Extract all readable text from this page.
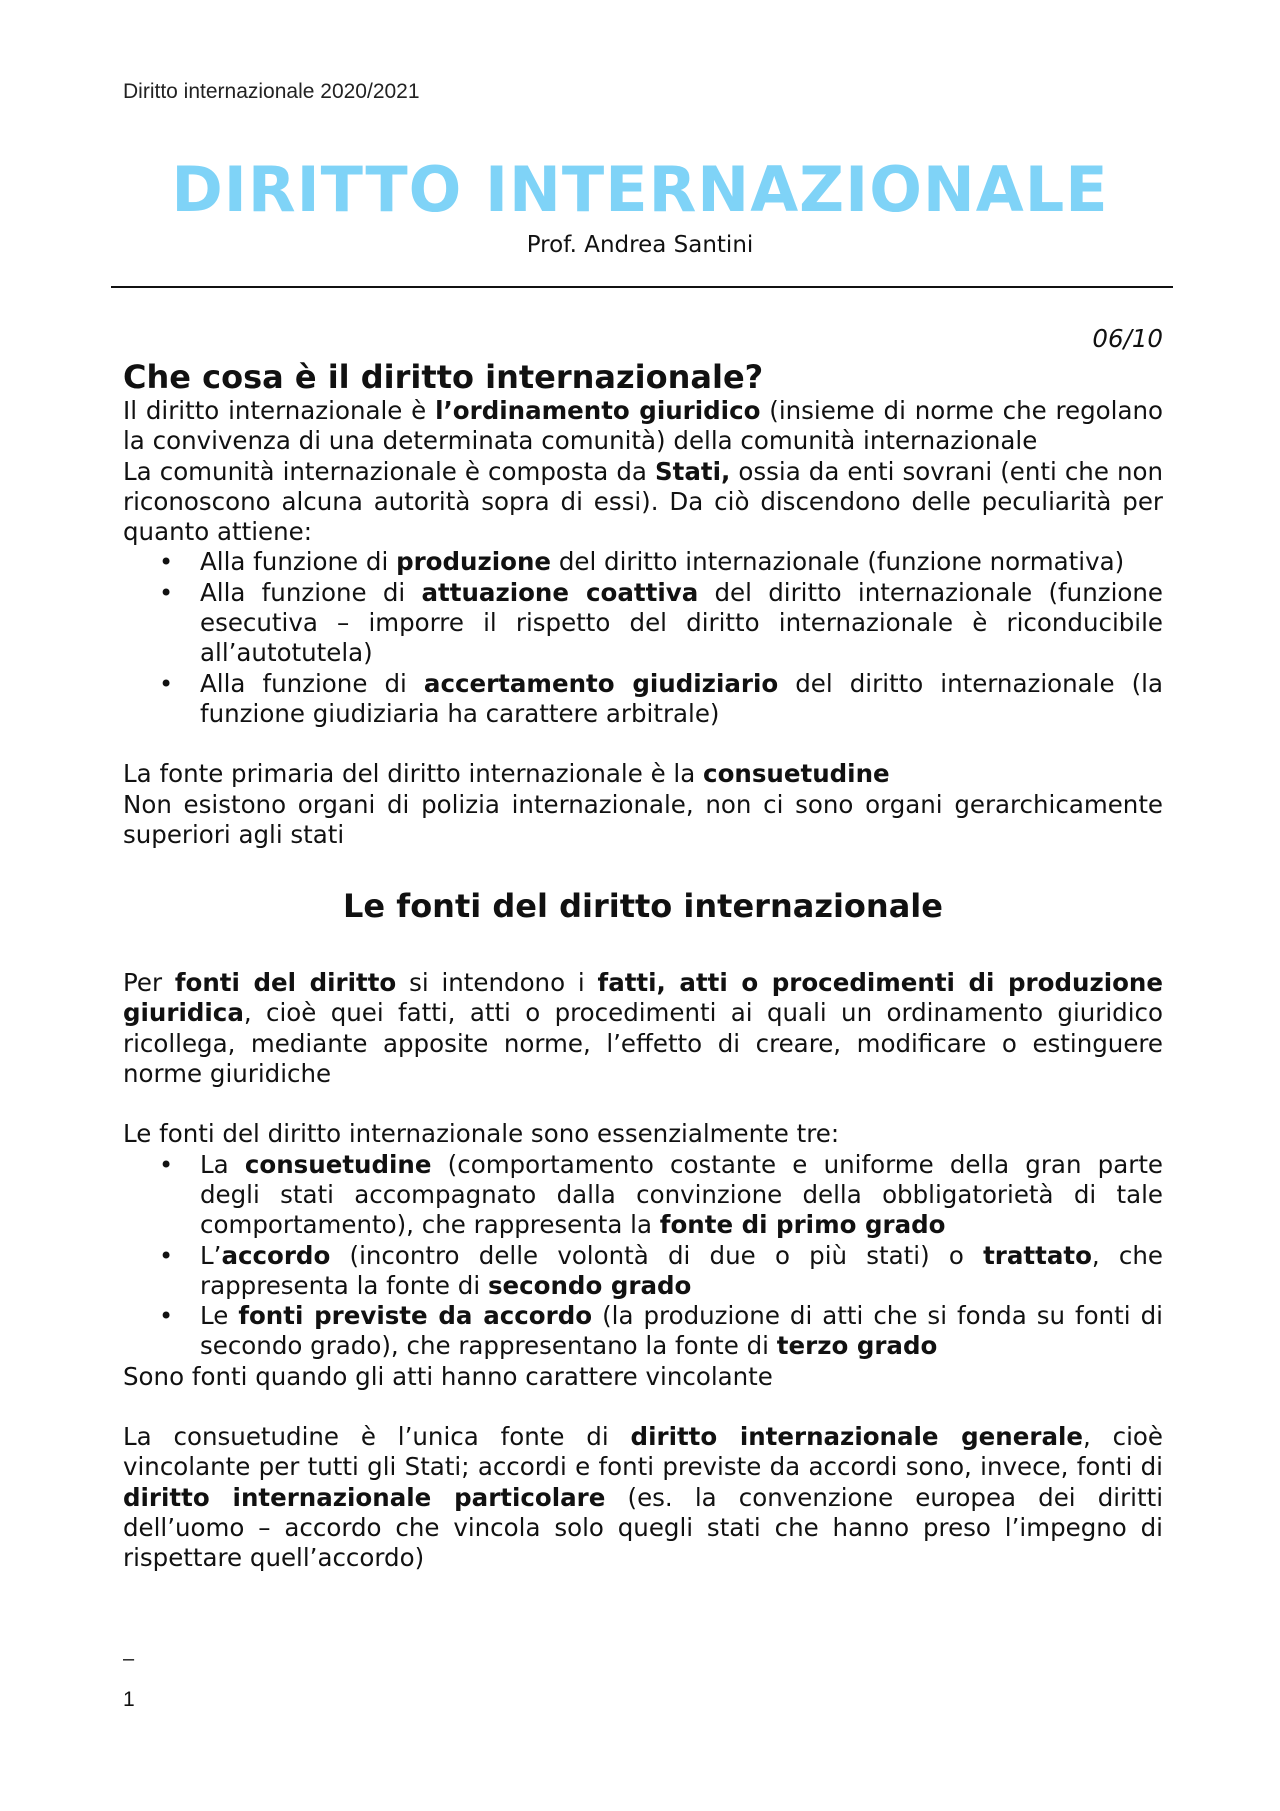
Diritto internazionale 2020/2021
DIRITTO INTERNAZIONALE
Prof. Andrea Santini

06/10

Che cosa è il diritto internazionale?

Il diritto internazionale è l’ordinamento giuridico (insieme di norme che regolano la convivenza di una determinata comunità) della comunità internazionale

La comunità internazionale è composta da Stati, ossia da enti sovrani (enti che non riconoscono alcuna autorità sopra di essi). Da ciò discendono delle peculiarità per quanto attiene:

• Alla funzione di produzione del diritto internazionale (funzione normativa)
• Alla funzione di attuazione coattiva del diritto internazionale (funzione esecutiva – imporre il rispetto del diritto internazionale è riconducibile all’autotutela)
• Alla funzione di accertamento giudiziario del diritto internazionale (la funzione giudiziaria ha carattere arbitrale)

La fonte primaria del diritto internazionale è la consuetudine

Non esistono organi di polizia internazionale, non ci sono organi gerarchicamente superiori agli stati

Le fonti del diritto internazionale

Per fonti del diritto si intendono i fatti, atti o procedimenti di produzione giuridica, cioè quei fatti, atti o procedimenti ai quali un ordinamento giuridico ricollega, mediante apposite norme, l’effetto di creare, modificare o estinguere norme giuridiche

Le fonti del diritto internazionale sono essenzialmente tre:

• La consuetudine (comportamento costante e uniforme della gran parte degli stati accompagnato dalla convinzione della obbligatorietà di tale comportamento), che rappresenta la fonte di primo grado
• L’accordo (incontro delle volontà di due o più stati) o trattato, che rappresenta la fonte di secondo grado
• Le fonti previste da accordo (la produzione di atti che si fonda su fonti di secondo grado), che rappresentano la fonte di terzo grado

Sono fonti quando gli atti hanno carattere vincolante

La consuetudine è l’unica fonte di diritto internazionale generale, cioè vincolante per tutti gli Stati; accordi e fonti previste da accordi sono, invece, fonti di diritto internazionale particolare (es. la convenzione europea dei diritti dell’uomo – accordo che vincola solo quegli stati che hanno preso l’impegno di rispettare quell’accordo)

–
1
